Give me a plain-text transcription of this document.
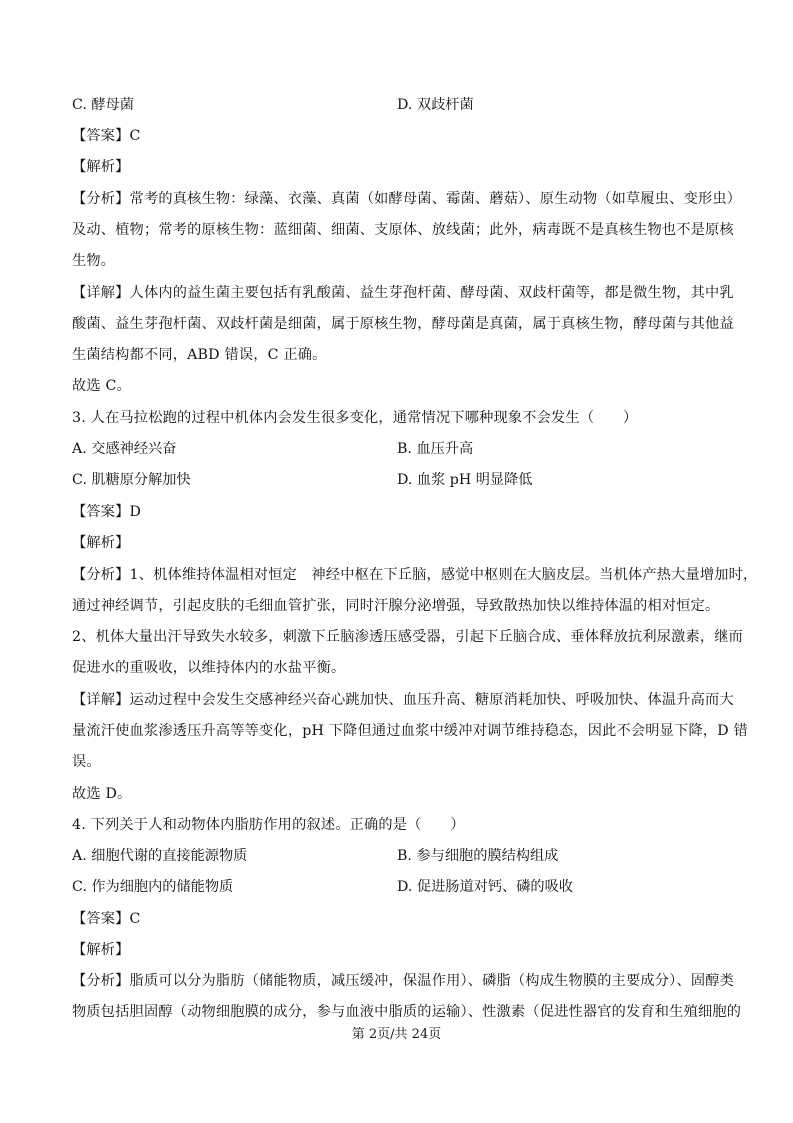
C. 酵母菌	D. 双歧杆菌
【答案】C
【解析】
【分析】常考的真核生物：绿藻、衣藻、真菌（如酵母菌、霉菌、蘑菇）、原生动物（如草履虫、变形虫）
及动、植物；常考的原核生物：蓝细菌、细菌、支原体、放线菌；此外，病毒既不是真核生物也不是原核
生物。
【详解】人体内的益生菌主要包括有乳酸菌、益生芽孢杆菌、酵母菌、双歧杆菌等，都是微生物，其中乳
酸菌、益生芽孢杆菌、双歧杆菌是细菌，属于原核生物，酵母菌是真菌，属于真核生物，酵母菌与其他益
生菌结构都不同，ABD 错误，C 正确。
故选 C。
3. 人在马拉松跑的过程中机体内会发生很多变化，通常情况下哪种现象不会发生（　　）
A. 交感神经兴奋	B. 血压升高
C. 肌糖原分解加快	D. 血浆 pH 明显降低
【答案】D
【解析】
【分析】1、机体维持体温相对恒定　神经中枢在下丘脑，感觉中枢则在大脑皮层。当机体产热大量增加时，
通过神经调节，引起皮肤的毛细血管扩张，同时汗腺分泌增强，导致散热加快以维持体温的相对恒定。
2、机体大量出汗导致失水较多，刺激下丘脑渗透压感受器，引起下丘脑合成、垂体释放抗利尿激素，继而
促进水的重吸收，以维持体内的水盐平衡。
【详解】运动过程中会发生交感神经兴奋心跳加快、血压升高、糖原消耗加快、呼吸加快、体温升高而大
量流汗使血浆渗透压升高等等变化，pH 下降但通过血浆中缓冲对调节维持稳态，因此不会明显下降，D 错
误。
故选 D。
4. 下列关于人和动物体内脂肪作用的叙述。正确的是（　　）
A. 细胞代谢的直接能源物质	B. 参与细胞的膜结构组成
C. 作为细胞内的储能物质	D. 促进肠道对钙、磷的吸收
【答案】C
【解析】
【分析】脂质可以分为脂肪（储能物质，减压缓冲，保温作用）、磷脂（构成生物膜的主要成分）、固醇类
物质包括胆固醇（动物细胞膜的成分，参与血液中脂质的运输）、性激素（促进性器官的发育和生殖细胞的
第 2页/共 24页
